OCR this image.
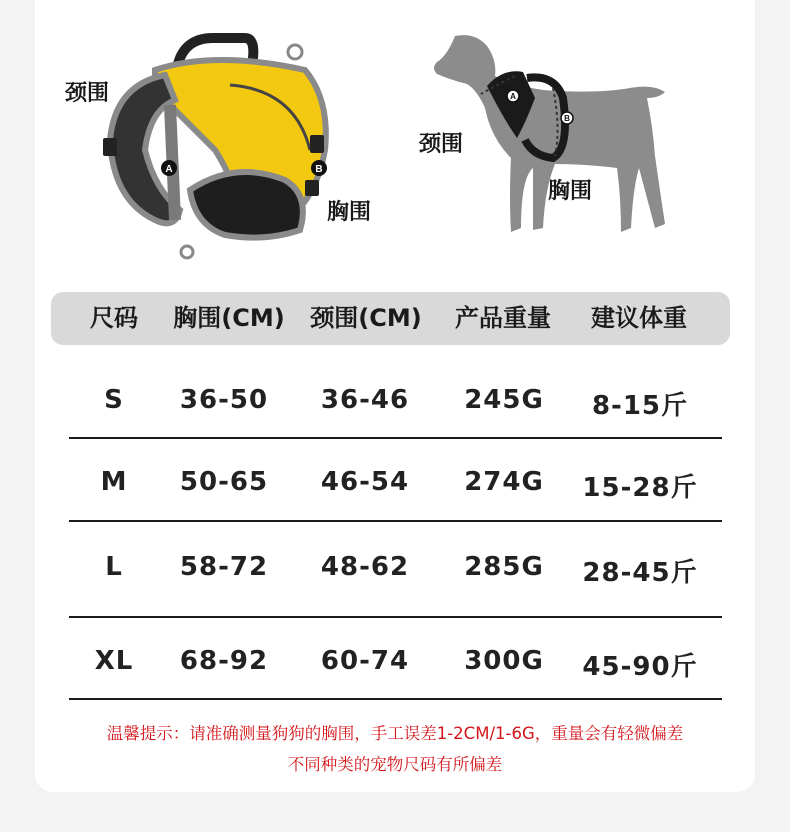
A	B
颈围
胸围
A
B
颈围
胸围
尺码 胸围(CM) 颈围(CM) 产品重量 建议体重
S 36-50 36-46 245G 8-15斤
M 50-65 46-54 274G 15-28斤
L 58-72 48-62 285G 28-45斤
XL 68-92 60-74 300G 45-90斤
温馨提示：请准确测量狗狗的胸围，手工误差1-2CM/1-6G，重量会有轻微偏差
不同种类的宠物尺码有所偏差
